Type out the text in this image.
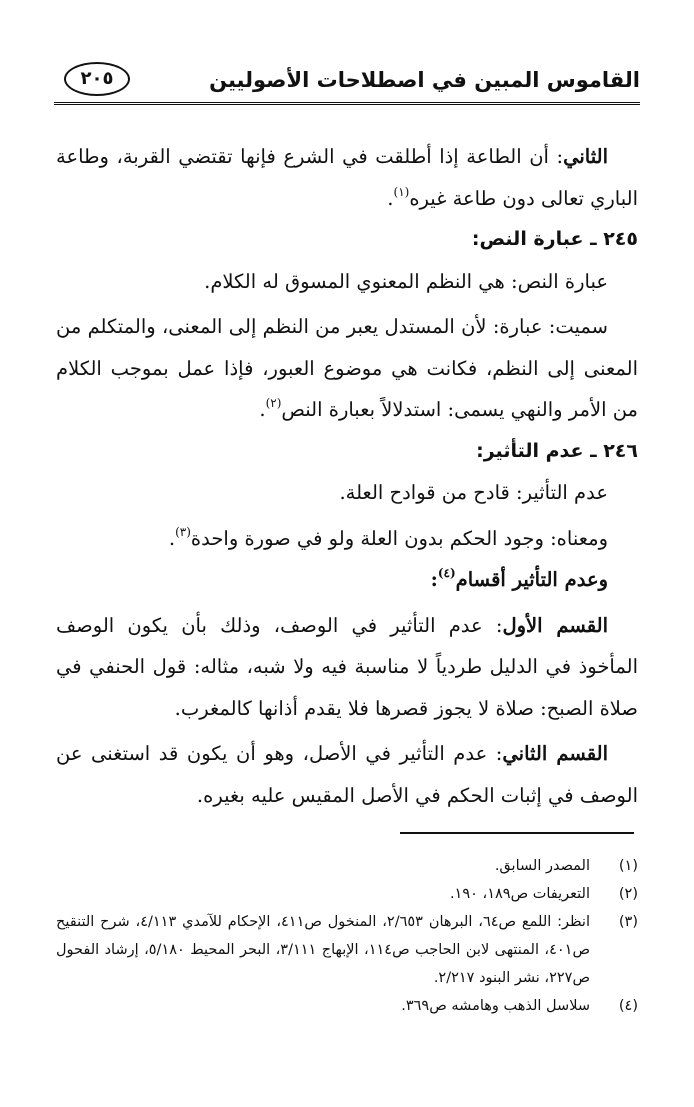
القاموس المبين في اصطلاحات الأصوليين
٢٠٥

الثاني: أن الطاعة إذا أطلقت في الشرع فإنها تقتضي القربة، وطاعة الباري تعالى دون طاعة غيره$^{(١)}$.

٢٤٥ ـ عبارة النص:

عبارة النص: هي النظم المعنوي المسوق له الكلام.

سميت: عبارة: لأن المستدل يعبر من النظم إلى المعنى، والمتكلم من المعنى إلى النظم، فكانت هي موضوع العبور، فإذا عمل بموجب الكلام من الأمر والنهي يسمى: استدلالاً بعبارة النص$^{(٢)}$.

٢٤٦ ـ عدم التأثير:

عدم التأثير: قادح من قوادح العلة.

ومعناه: وجود الحكم بدون العلة ولو في صورة واحدة$^{(٣)}$.

وعدم التأثير أقسام$^{(٤)}$:

القسم الأول: عدم التأثير في الوصف، وذلك بأن يكون الوصف المأخوذ في الدليل طردياً لا مناسبة فيه ولا شبه، مثاله: قول الحنفي في صلاة الصبح: صلاة لا يجوز قصرها فلا يقدم أذانها كالمغرب.

القسم الثاني: عدم التأثير في الأصل، وهو أن يكون قد استغنى عن الوصف في إثبات الحكم في الأصل المقيس عليه بغيره.

(١)
المصدر السابق.
(٢)
التعريفات ص١٨٩، ١٩٠.
(٣)
انظر: اللمع ص٦٤، البرهان ٢/٦٥٣، المنخول ص٤١١، الإحكام للآمدي ٤/١١٣، شرح التنقيح ص٤٠١، المنتهى لابن الحاجب ص١١٤، الإبهاج ٣/١١١، البحر المحيط ٥/١٨٠، إرشاد الفحول ص٢٢٧، نشر البنود ٢/٢١٧.
(٤)
سلاسل الذهب وهامشه ص٣٦٩.
